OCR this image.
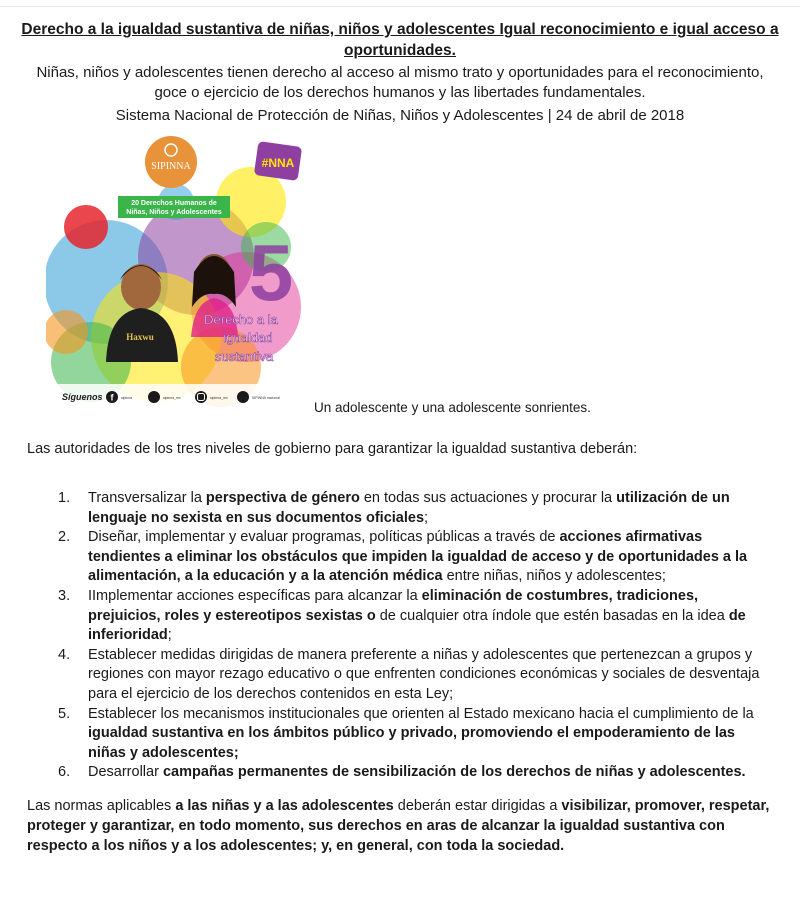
Derecho a la igualdad sustantiva de niñas, niños y adolescentes Igual reconocimiento e igual acceso a oportunidades.
Niñas, niños y adolescentes tienen derecho al acceso al mismo trato y oportunidades para el reconocimiento, goce o ejercicio de los derechos humanos y las libertades fundamentales.
Sistema Nacional de Protección de Niñas, Niños y Adolescentes | 24 de abril de 2018
SIPINNA	#NNA
20 Derechos Humanos de
Niñas, Niños y Adolescentes
5
Haxwu
Derecho a la
igualdad
sustantiva
Síguenos f sipinna	sipinna_mx	sipinna_mx	SIPINNA nacional
Un adolescente y una adolescente sonrientes.
Las autoridades de los tres niveles de gobierno para garantizar la igualdad sustantiva deberán:
1.	Transversalizar la perspectiva de género en todas sus actuaciones y procurar la utilización de un lenguaje no sexista en sus documentos oficiales;
2.	Diseñar, implementar y evaluar programas, políticas públicas a través de acciones afirmativas tendientes a eliminar los obstáculos que impiden la igualdad de acceso y de oportunidades a la alimentación, a la educación y a la atención médica entre niñas, niños y adolescentes;
3.	IImplementar acciones específicas para alcanzar la eliminación de costumbres, tradiciones, prejuicios, roles y estereotipos sexistas o de cualquier otra índole que estén basadas en la idea de inferioridad;
4.	Establecer medidas dirigidas de manera preferente a niñas y adolescentes que pertenezcan a grupos y regiones con mayor rezago educativo o que enfrenten condiciones económicas y sociales de desventaja para el ejercicio de los derechos contenidos en esta Ley;
5.	Establecer los mecanismos institucionales que orienten al Estado mexicano hacia el cumplimiento de la igualdad sustantiva en los ámbitos público y privado, promoviendo el empoderamiento de las niñas y adolescentes;
6.	Desarrollar campañas permanentes de sensibilización de los derechos de niñas y adolescentes.
Las normas aplicables a las niñas y a las adolescentes deberán estar dirigidas a visibilizar, promover, respetar, proteger y garantizar, en todo momento, sus derechos en aras de alcanzar la igualdad sustantiva con respecto a los niños y a los adolescentes; y, en general, con toda la sociedad.
